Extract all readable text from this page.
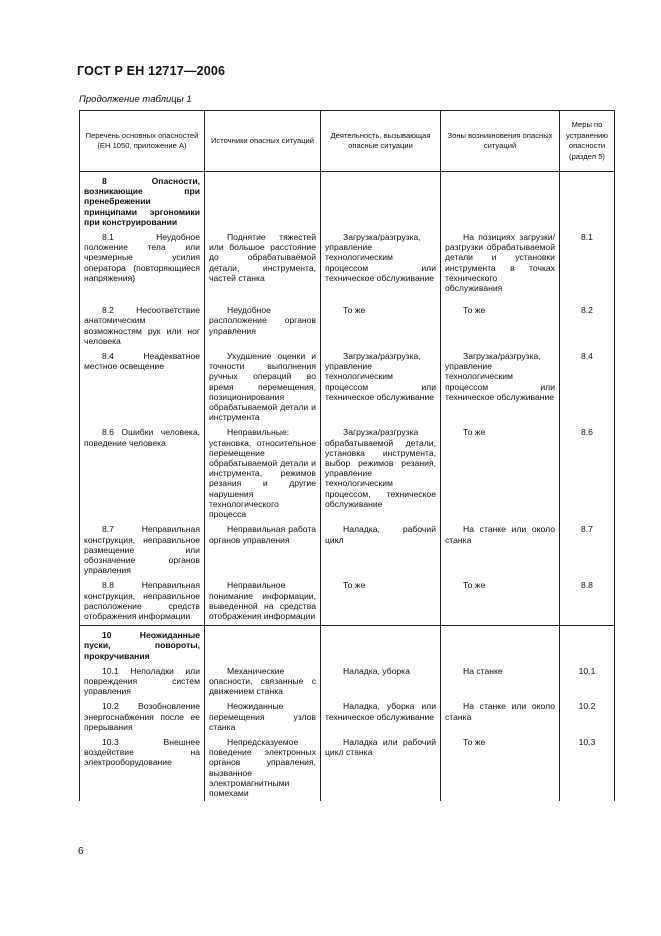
ГОСТ Р ЕН 12717—2006
Продолжение таблицы 1
Перечень основных опасностей (ЕН 1050, приложение А)	Источники опасных ситуаций	Деятельность, вызывающая опасные ситуации	Зоны возникновения опасных ситуаций	Меры по устранению опасности (раздел 5)
8 Опасности, возникающие при пренебрежении принципами эргономики при конструировании				
8.1 Неудобное положение тела или чрезмерные усилия оператора (повторяющиеся напряжения)	Поднятие тяжестей или большое расстояние до обрабатываемой детали, инструмента, частей станка	Загрузка/разгрузка, управление технологическим процессом или техническое обслуживание	На позициях загрузки/разгрузки обрабатываемой детали и установки инструмента в точках технического обслуживания	8.1
8.2 Несоответствие анатомическим возможностям рук или ног человека	Неудобное расположение органов управления	То же	То же	8.2
8.4 Неадекватное местное освещение	Ухудшение оценки и точности выполнения ручных операций во время перемещения, позиционирования обрабатываемой детали и инструмента	Загрузка/разгрузка, управление технологическим процессом или техническое обслуживание	Загрузка/разгрузка, управление технологическим процессом или техническое обслуживание	8.4
8.6 Ошибки человека, поведение человека	Неправильные: установка, относительное перемещение обрабатываемой детали и инструмента, режимов резания и другие нарушения технологического процесса	Загрузка/разгрузка обрабатываемой детали, установка инструмента, выбор режимов резания, управление технологическим процессом, техническое обслуживание	То же	8.6
8.7 Неправильная конструкция, неправильное размещение или обозначение органов управления	Неправильная работа органов управления	Наладка, рабочий цикл	На станке или около станка	8.7
8.8 Неправильная конструкция, неправильное расположение средств отображения информации	Неправильное понимание информации, выведенной на средства отображения информации	То же	То же	8.8
10 Неожиданные пуски, повороты, прокручивания				
10.1 Неполадки или повреждения систем управления	Механические опасности, связанные с движением станка	Наладка, уборка	На станке	10.1
10.2 Возобновление энергоснабжения после ее прерывания	Неожиданные перемещения узлов станка	Наладка, уборка или техническое обслуживание	На станке или около станка	10.2
10.3 Внешнее воздействие на электрооборудование	Непредсказуемое поведение электронных органов управления, вызванное электромагнитными помехами	Наладка или рабочий цикл станка	То же	10.3
6
